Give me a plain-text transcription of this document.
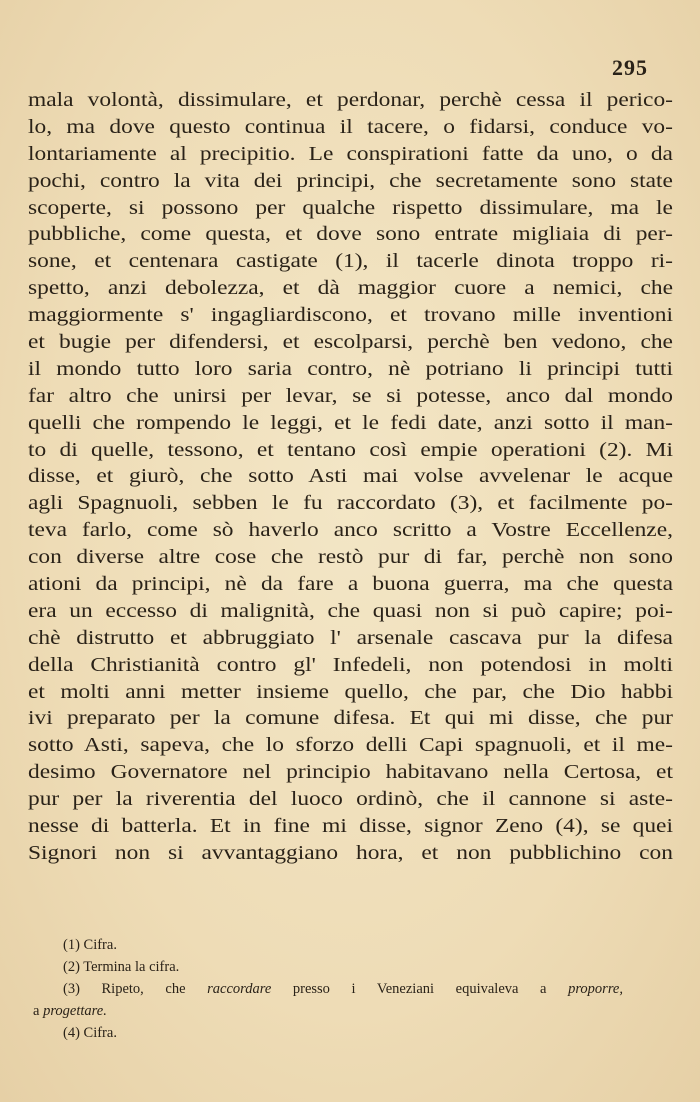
295
mala volontà, dissimulare, et perdonar, perchè cessa il perico-
lo, ma dove questo continua il tacere, o fidarsi, conduce vo-
lontariamente al precipitio. Le conspirationi fatte da uno, o da
pochi, contro la vita dei principi, che secretamente sono state
scoperte, si possono per qualche rispetto dissimulare, ma le
pubbliche, come questa, et dove sono entrate migliaia di per-
sone, et centenara castigate (1), il tacerle dinota troppo ri-
spetto, anzi debolezza, et dà maggior cuore a nemici, che
maggiormente s' ingagliardiscono, et trovano mille inventioni
et bugie per difendersi, et escolparsi, perchè ben vedono, che
il mondo tutto loro saria contro, nè potriano li principi tutti
far altro che unirsi per levar, se si potesse, anco dal mondo
quelli che rompendo le leggi, et le fedi date, anzi sotto il man-
to di quelle, tessono, et tentano così empie operationi (2). Mi
disse, et giurò, che sotto Asti mai volse avvelenar le acque
agli Spagnuoli, sebben le fu raccordato (3), et facilmente po-
teva farlo, come sò haverlo anco scritto a Vostre Eccellenze,
con diverse altre cose che restò pur di far, perchè non sono
ationi da principi, nè da fare a buona guerra, ma che questa
era un eccesso di malignità, che quasi non si può capire; poi-
chè distrutto et abbruggiato l' arsenale cascava pur la difesa
della Christianità contro gl' Infedeli, non potendosi in molti
et molti anni metter insieme quello, che par, che Dio habbi
ivi preparato per la comune difesa. Et qui mi disse, che pur
sotto Asti, sapeva, che lo sforzo delli Capi spagnuoli, et il me-
desimo Governatore nel principio habitavano nella Certosa, et
pur per la riverentia del luoco ordinò, che il cannone si aste-
nesse di batterla. Et in fine mi disse, signor Zeno (4), se quei
Signori non si avvantaggiano hora, et non pubblichino con
(1) Cifra.
(2) Termina la cifra.
(3) Ripeto, che raccordare presso i Veneziani equivaleva a proporre,
a progettare.
(4) Cifra.
